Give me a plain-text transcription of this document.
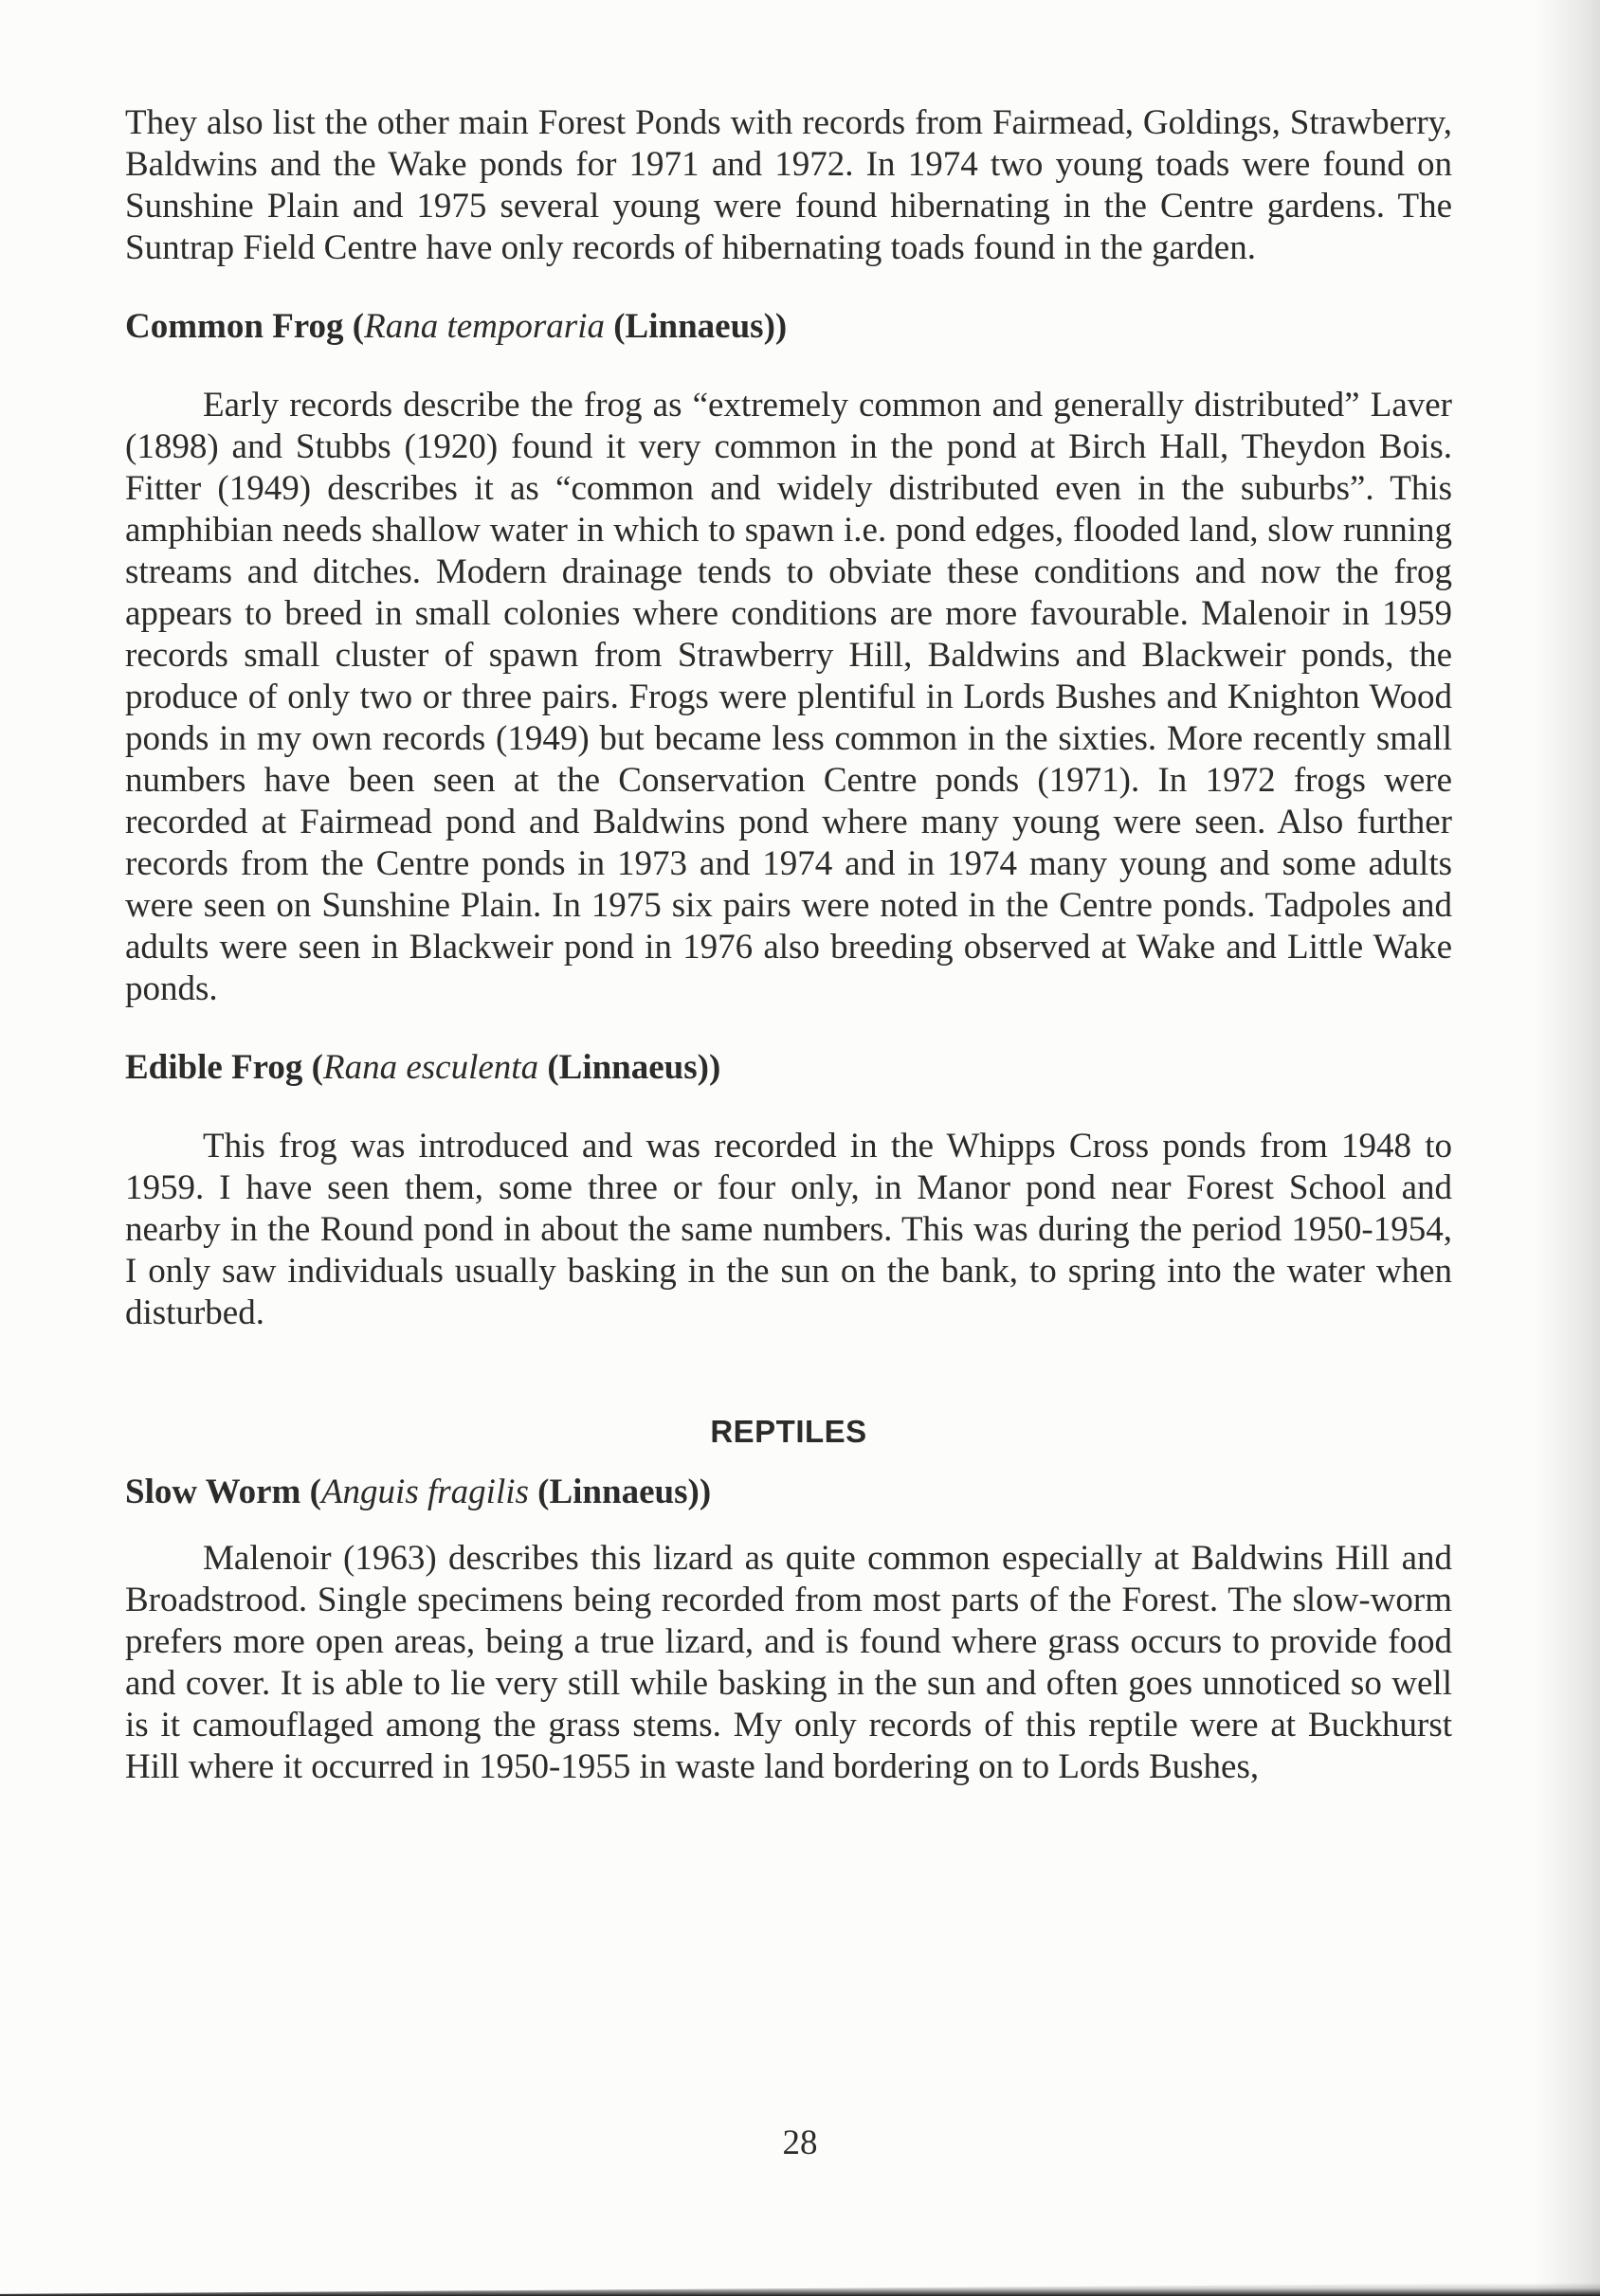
They also list the other main Forest Ponds with records from Fairmead, Goldings, Strawberry, Baldwins and the Wake ponds for 1971 and 1972. In 1974 two young toads were found on Sunshine Plain and 1975 several young were found hibernating in the Centre gardens. The Suntrap Field Centre have only records of hibernating toads found in the garden.

Common Frog (Rana temporaria (Linnaeus))

Early records describe the frog as “extremely common and generally distributed” Laver (1898) and Stubbs (1920) found it very common in the pond at Birch Hall, Theydon Bois. Fitter (1949) describes it as “common and widely distributed even in the suburbs”. This amphibian needs shallow water in which to spawn i.e. pond edges, flooded land, slow running streams and ditches. Modern drainage tends to obviate these conditions and now the frog appears to breed in small colonies where conditions are more favourable. Malenoir in 1959 records small cluster of spawn from Strawberry Hill, Baldwins and Blackweir ponds, the produce of only two or three pairs. Frogs were plentiful in Lords Bushes and Knighton Wood ponds in my own records (1949) but became less common in the sixties. More recently small numbers have been seen at the Conservation Centre ponds (1971). In 1972 frogs were recorded at Fairmead pond and Baldwins pond where many young were seen. Also further records from the Centre ponds in 1973 and 1974 and in 1974 many young and some adults were seen on Sunshine Plain. In 1975 six pairs were noted in the Centre ponds. Tadpoles and adults were seen in Blackweir pond in 1976 also breeding observed at Wake and Little Wake ponds.

Edible Frog (Rana esculenta (Linnaeus))

This frog was introduced and was recorded in the Whipps Cross ponds from 1948 to 1959. I have seen them, some three or four only, in Manor pond near Forest School and nearby in the Round pond in about the same numbers. This was during the period 1950-1954, I only saw individuals usually basking in the sun on the bank, to spring into the water when disturbed.

REPTILES
Slow Worm (Anguis fragilis (Linnaeus))

Malenoir (1963) describes this lizard as quite common especially at Baldwins Hill and Broadstrood. Single specimens being recorded from most parts of the Forest. The slow-worm prefers more open areas, being a true lizard, and is found where grass occurs to provide food and cover. It is able to lie very still while basking in the sun and often goes unnoticed so well is it camouflaged among the grass stems. My only records of this reptile were at Buckhurst Hill where it occurred in 1950-1955 in waste land bordering on to Lords Bushes,

28
